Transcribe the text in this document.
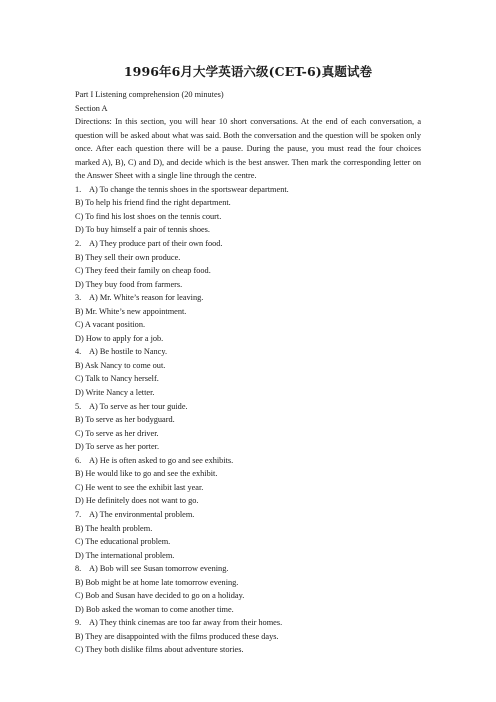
1996年6月大学英语六级(CET-6)真题试卷
Part I Listening comprehension (20 minutes)
Section A
Directions: In this section, you will hear 10 short conversations. At the end of each conversation, a question will be asked about what was said. Both the conversation and the question will be spoken only once. After each question there will be a pause. During the pause, you must read the four choices marked A), B), C) and D), and decide which is the best answer. Then mark the corresponding letter on the Answer Sheet with a single line through the centre.
1. A) To change the tennis shoes in the sportswear department.
B) To help his friend find the right department.
C) To find his lost shoes on the tennis court.
D) To buy himself a pair of tennis shoes.
2. A) They produce part of their own food.
B) They sell their own produce.
C) They feed their family on cheap food.
D) They buy food from farmers.
3. A) Mr. White’s reason for leaving.
B) Mr. White’s new appointment.
C) A vacant position.
D) How to apply for a job.
4. A) Be hostile to Nancy.
B) Ask Nancy to come out.
C) Talk to Nancy herself.
D) Write Nancy a letter.
5. A) To serve as her tour guide.
B) To serve as her bodyguard.
C) To serve as her driver.
D) To serve as her porter.
6. A) He is often asked to go and see exhibits.
B) He would like to go and see the exhibit.
C) He went to see the exhibit last year.
D) He definitely does not want to go.
7. A) The environmental problem.
B) The health problem.
C) The educational problem.
D) The international problem.
8. A) Bob will see Susan tomorrow evening.
B) Bob might be at home late tomorrow evening.
C) Bob and Susan have decided to go on a holiday.
D) Bob asked the woman to come another time.
9. A) They think cinemas are too far away from their homes.
B) They are disappointed with the films produced these days.
C) They both dislike films about adventure stories.
